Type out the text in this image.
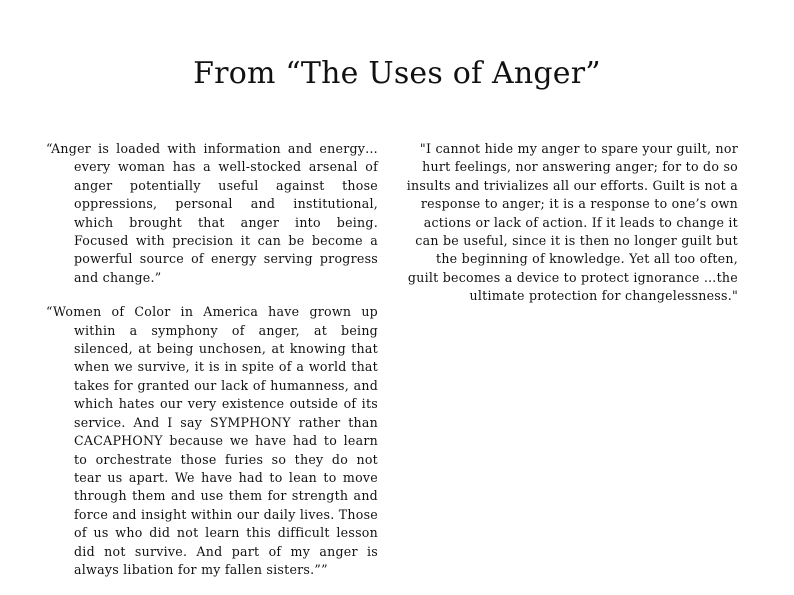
From “The Uses of Anger”

“Anger is loaded with information and energy…every woman has a well-stocked arsenal of anger potentially useful against those oppressions, personal and institutional, which brought that anger into being. Focused with precision it can be become a powerful source of energy serving progress and change.”

“Women of Color in America have grown up within a symphony of anger, at being silenced, at being unchosen, at knowing that when we survive, it is in spite of a world that takes for granted our lack of humanness, and which hates our very existence outside of its service. And I say SYMPHONY rather than CACAPHONY because we have had to learn to orchestrate those furies so they do not tear us apart. We have had to lean to move through them and use them for strength and force and insight within our daily lives. Those of us who did not learn this difficult lesson did not survive. And part of my anger is always libation for my fallen sisters.””

"I cannot hide my anger to spare your guilt, nor hurt feelings, nor answering anger; for to do so insults and trivializes all our efforts. Guilt is not a response to anger; it is a response to one’s own actions or lack of action. If it leads to change it can be useful, since it is then no longer guilt but the beginning of knowledge. Yet all too often, guilt becomes a device to protect ignorance …the ultimate protection for changelessness."
